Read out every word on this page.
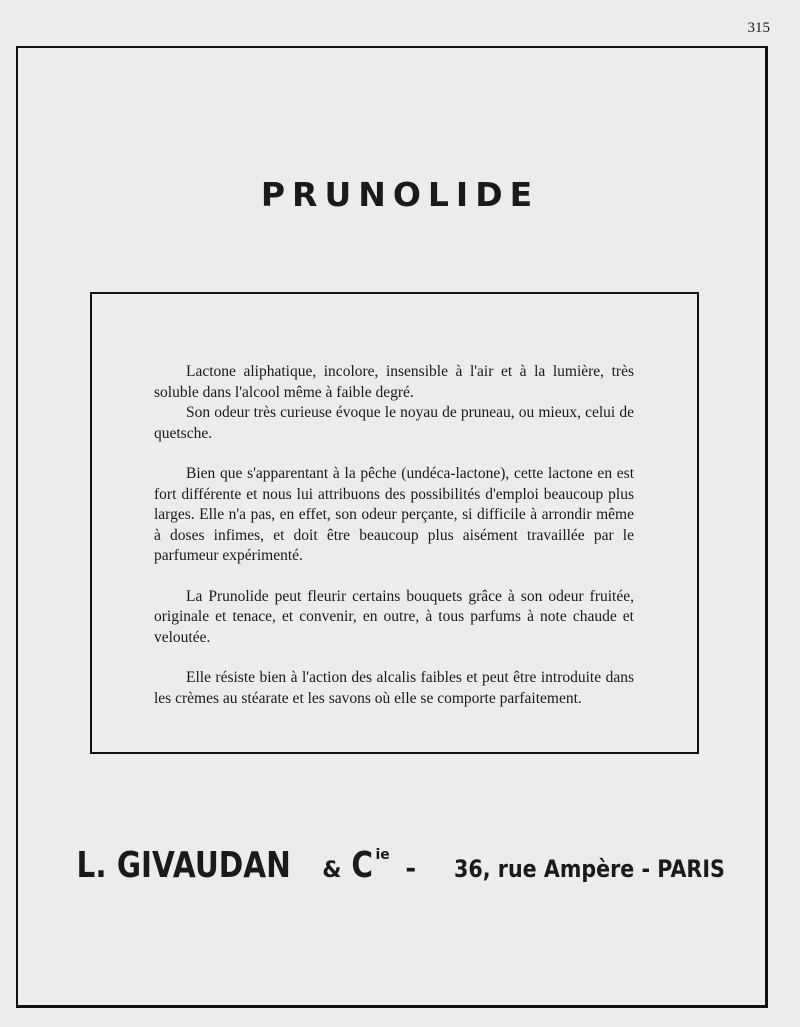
315
PRUNOLIDE

Lactone aliphatique, incolore, insensible à l'air et à la lumière, très soluble dans l'alcool même à faible degré.

Son odeur très curieuse évoque le noyau de pruneau, ou mieux, celui de quetsche.

Bien que s'apparentant à la pêche (undéca-lactone), cette lactone en est fort différente et nous lui attribuons des possibilités d'emploi beaucoup plus larges. Elle n'a pas, en effet, son odeur perçante, si difficile à arrondir même à doses infimes, et doit être beaucoup plus aisément travaillée par le parfumeur expérimenté.

La Prunolide peut fleurir certains bouquets grâce à son odeur fruitée, originale et tenace, et convenir, en outre, à tous parfums à note chaude et veloutée.

Elle résiste bien à l'action des alcalis faibles et peut être introduite dans les crèmes au stéarate et les savons où elle se comporte parfaitement.

L. GIVAUDAN & C ie - 36, rue Ampère - PARIS
